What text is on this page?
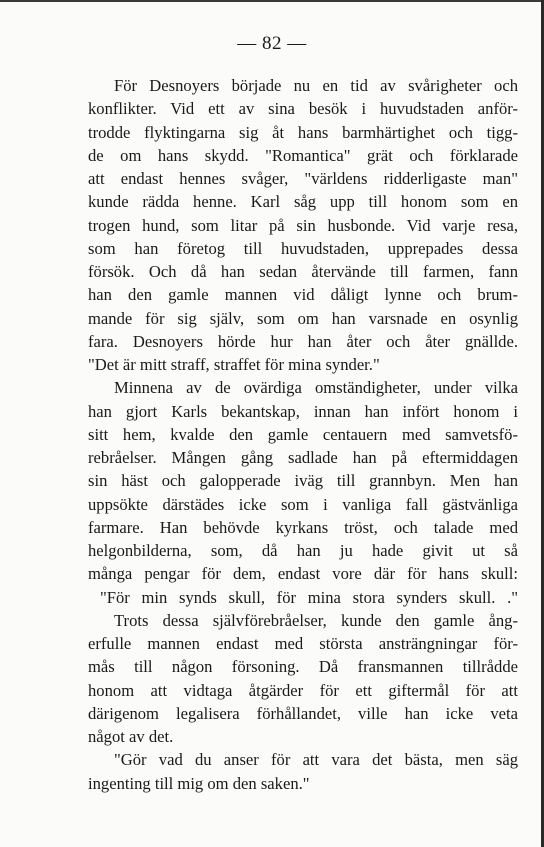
— 82 —
För Desnoyers började nu en tid av svårigheter och
konflikter. Vid ett av sina besök i huvudstaden anför-
trodde flyktingarna sig åt hans barmhärtighet och tigg-
de om hans skydd. "Romantica" grät och förklarade
att endast hennes svåger, "världens ridderligaste man"
kunde rädda henne. Karl såg upp till honom som en
trogen hund, som litar på sin husbonde. Vid varje resa,
som han företog till huvudstaden, upprepades dessa
försök. Och då han sedan återvände till farmen, fann
han den gamle mannen vid dåligt lynne och brum-
mande för sig själv, som om han varsnade en osynlig
fara. Desnoyers hörde hur han åter och åter gnällde.
"Det är mitt straff, straffet för mina synder."
Minnena av de ovärdiga omständigheter, under vilka
han gjort Karls bekantskap, innan han infört honom i
sitt hem, kvalde den gamle centauern med samvetsfö-
rebråelser. Mången gång sadlade han på eftermiddagen
sin häst och galopperade iväg till grannbyn. Men han
uppsökte därstädes icke som i vanliga fall gästvänliga
farmare. Han behövde kyrkans tröst, och talade med
helgonbilderna, som, då han ju hade givit ut så
många pengar för dem, endast vore där för hans skull:
"För min synds skull, för mina stora synders skull. ."
Trots dessa självförebråelser, kunde den gamle ång-
erfulle mannen endast med största ansträngningar för-
mås till någon försoning. Då fransmannen tillrådde
honom att vidtaga åtgärder för ett giftermål för att
därigenom legalisera förhållandet, ville han icke veta
något av det.
"Gör vad du anser för att vara det bästa, men säg
ingenting till mig om den saken."
